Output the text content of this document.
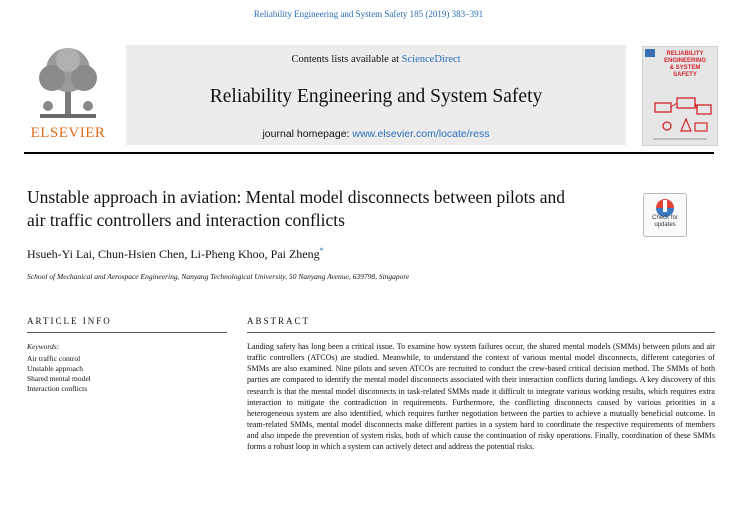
Reliability Engineering and System Safety 185 (2019) 383–391
ELSEVIER
Contents lists available at ScienceDirect
Reliability Engineering and System Safety
journal homepage: www.elsevier.com/locate/ress
RELIABILITY
ENGINEERING
& SYSTEM
SAFETY
Unstable approach in aviation: Mental model disconnects between pilots and
air traffic controllers and interaction conflicts	Check for
updates
Hsueh-Yi Lai, Chun-Hsien Chen, Li-Pheng Khoo, Pai Zheng*
School of Mechanical and Aerospace Engineering, Nanyang Technological University, 50 Nanyang Avenue, 639798, Singapore
ARTICLE INFO	ABSTRACT
Keywords:
Air traffic control
Unstable approach
Shared mental model
Interaction conflicts
Landing safety has long been a critical issue. To examine how system failures occur, the shared mental models (SMMs) between pilots and air traffic controllers (ATCOs) are studied. Meanwhile, to understand the context of various mental model disconnects, different categories of SMMs are also examined. Nine pilots and seven ATCOs are recruited to conduct the crew-based critical decision method. The SMMs of both parties are compared to identify the mental model disconnects associated with their interaction conflicts during landings. A key discovery of this research is that the mental model disconnects in task-related SMMs made it difficult to integrate various working results, which requires extra interaction to mitigate the contradiction in requirements. Furthermore, the conflicting disconnects caused by various priorities in a heterogeneous system are also identified, which requires further negotiation between the parties to achieve a mutually beneficial outcome. In team-related SMMs, mental model disconnects make different parties in a system hard to coordinate the respective requirements of members and also impede the prevention of system risks, both of which cause the continuation of risky operations. Finally, coordination of these SMMs forms a robust loop in which a system can actively detect and address the potential risks.
